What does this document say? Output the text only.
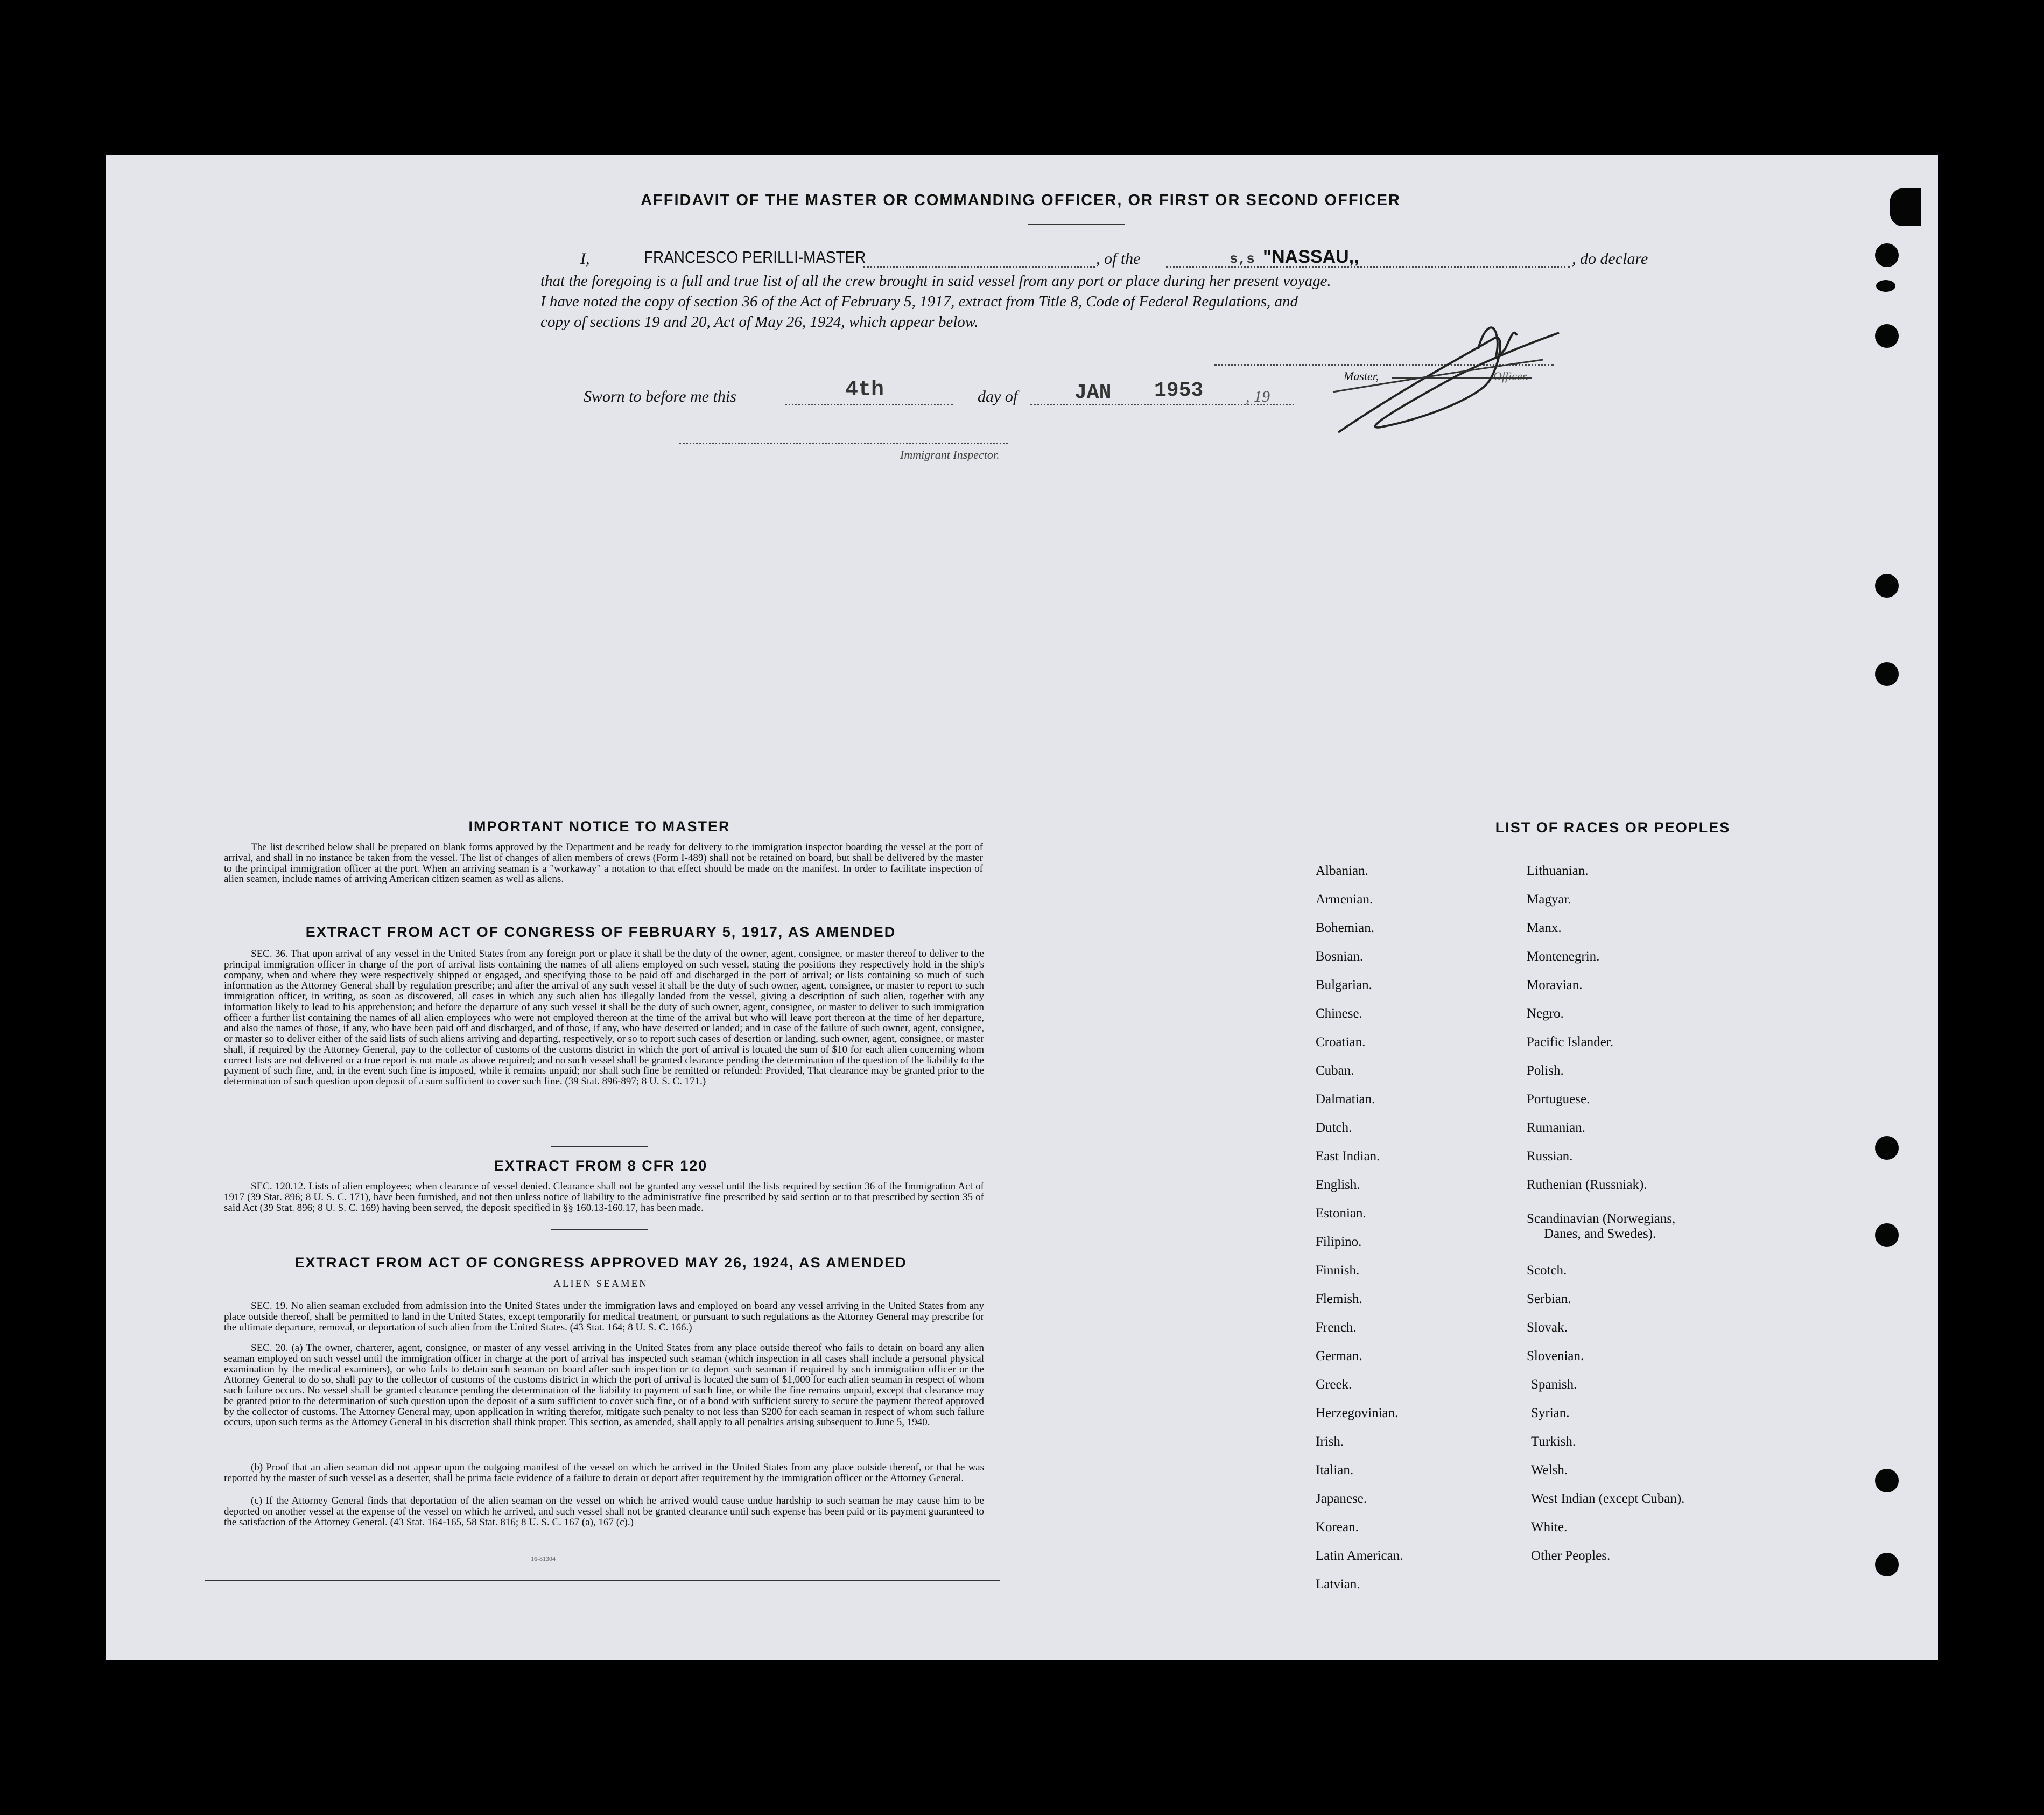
AFFIDAVIT OF THE MASTER OR COMMANDING OFFICER, OR FIRST OR SECOND OFFICER
I,	FRANCESCO PERILLI-MASTER	, of the	s,s "NASSAU,,	, do declare
that the foregoing is a full and true list of all the crew brought in said vessel from any port or place during her present voyage.
I have noted the copy of section 36 of the Act of February 5, 1917, extract from Title 8, Code of Federal Regulations, and
copy of sections 19 and 20, Act of May 26, 1924, which appear below.
Master,	Officer.
Sworn to before me this	4th	day of	JAN 1953	, 19
Immigrant Inspector.
IMPORTANT NOTICE TO MASTER
The list described below shall be prepared on blank forms approved by the Department and be ready for delivery to the immigration inspector boarding the vessel at the port of arrival, and shall in no instance be taken from the vessel. The list of changes of alien members of crews (Form I-489) shall not be retained on board, but shall be delivered by the master to the principal immigration officer at the port. When an arriving seaman is a "workaway" a notation to that effect should be made on the manifest. In order to facilitate inspection of alien seamen, include names of arriving American citizen seamen as well as aliens.
EXTRACT FROM ACT OF CONGRESS OF FEBRUARY 5, 1917, AS AMENDED
SEC. 36. That upon arrival of any vessel in the United States from any foreign port or place it shall be the duty of the owner, agent, consignee, or master thereof to deliver to the principal immigration officer in charge of the port of arrival lists containing the names of all aliens employed on such vessel, stating the positions they respectively hold in the ship's company, when and where they were respectively shipped or engaged, and specifying those to be paid off and discharged in the port of arrival; or lists containing so much of such information as the Attorney General shall by regulation prescribe; and after the arrival of any such vessel it shall be the duty of such owner, agent, consignee, or master to report to such immigration officer, in writing, as soon as discovered, all cases in which any such alien has illegally landed from the vessel, giving a description of such alien, together with any information likely to lead to his apprehension; and before the departure of any such vessel it shall be the duty of such owner, agent, consignee, or master to deliver to such immigration officer a further list containing the names of all alien employees who were not employed thereon at the time of the arrival but who will leave port thereon at the time of her departure, and also the names of those, if any, who have been paid off and discharged, and of those, if any, who have deserted or landed; and in case of the failure of such owner, agent, consignee, or master so to deliver either of the said lists of such aliens arriving and departing, respectively, or so to report such cases of desertion or landing, such owner, agent, consignee, or master shall, if required by the Attorney General, pay to the collector of customs of the customs district in which the port of arrival is located the sum of $10 for each alien concerning whom correct lists are not delivered or a true report is not made as above required; and no such vessel shall be granted clearance pending the determination of the question of the liability to the payment of such fine, and, in the event such fine is imposed, while it remains unpaid; nor shall such fine be remitted or refunded: Provided, That clearance may be granted prior to the determination of such question upon deposit of a sum sufficient to cover such fine. (39 Stat. 896-897; 8 U. S. C. 171.)
EXTRACT FROM 8 CFR 120
SEC. 120.12. Lists of alien employees; when clearance of vessel denied. Clearance shall not be granted any vessel until the lists required by section 36 of the Immigration Act of 1917 (39 Stat. 896; 8 U. S. C. 171), have been furnished, and not then unless notice of liability to the administrative fine prescribed by said section or to that prescribed by section 35 of said Act (39 Stat. 896; 8 U. S. C. 169) having been served, the deposit specified in §§ 160.13-160.17, has been made.
EXTRACT FROM ACT OF CONGRESS APPROVED MAY 26, 1924, AS AMENDED
ALIEN SEAMEN
SEC. 19. No alien seaman excluded from admission into the United States under the immigration laws and employed on board any vessel arriving in the United States from any place outside thereof, shall be permitted to land in the United States, except temporarily for medical treatment, or pursuant to such regulations as the Attorney General may prescribe for the ultimate departure, removal, or deportation of such alien from the United States. (43 Stat. 164; 8 U. S. C. 166.)
SEC. 20. (a) The owner, charterer, agent, consignee, or master of any vessel arriving in the United States from any place outside thereof who fails to detain on board any alien seaman employed on such vessel until the immigration officer in charge at the port of arrival has inspected such seaman (which inspection in all cases shall include a personal physical examination by the medical examiners), or who fails to detain such seaman on board after such inspection or to deport such seaman if required by such immigration officer or the Attorney General to do so, shall pay to the collector of customs of the customs district in which the port of arrival is located the sum of $1,000 for each alien seaman in respect of whom such failure occurs. No vessel shall be granted clearance pending the determination of the liability to payment of such fine, or while the fine remains unpaid, except that clearance may be granted prior to the determination of such question upon the deposit of a sum sufficient to cover such fine, or of a bond with sufficient surety to secure the payment thereof approved by the collector of customs. The Attorney General may, upon application in writing therefor, mitigate such penalty to not less than $200 for each seaman in respect of whom such failure occurs, upon such terms as the Attorney General in his discretion shall think proper. This section, as amended, shall apply to all penalties arising subsequent to June 5, 1940.
(b) Proof that an alien seaman did not appear upon the outgoing manifest of the vessel on which he arrived in the United States from any place outside thereof, or that he was reported by the master of such vessel as a deserter, shall be prima facie evidence of a failure to detain or deport after requirement by the immigration officer or the Attorney General.
(c) If the Attorney General finds that deportation of the alien seaman on the vessel on which he arrived would cause undue hardship to such seaman he may cause him to be deported on another vessel at the expense of the vessel on which he arrived, and such vessel shall not be granted clearance until such expense has been paid or its payment guaranteed to the satisfaction of the Attorney General. (43 Stat. 164-165, 58 Stat. 816; 8 U. S. C. 167 (a), 167 (c).)
16-81304
LIST OF RACES OR PEOPLES
Albanian.
Armenian.
Bohemian.
Bosnian.
Bulgarian.
Chinese.
Croatian.
Cuban.
Dalmatian.
Dutch.
East Indian.
English.
Estonian.
Filipino.
Finnish.
Flemish.
French.
German.
Greek.
Herzegovinian.
Irish.
Italian.
Japanese.
Korean.
Latin American.
Latvian.
Lithuanian.
Magyar.
Manx.
Montenegrin.
Moravian.
Negro.
Pacific Islander.
Polish.
Portuguese.
Rumanian.
Russian.
Ruthenian (Russniak).
Scandinavian (Norwegians,
Danes, and Swedes).
Scotch.
Serbian.
Slovak.
Slovenian.
Spanish.
Syrian.
Turkish.
Welsh.
West Indian (except Cuban).
White.
Other Peoples.
